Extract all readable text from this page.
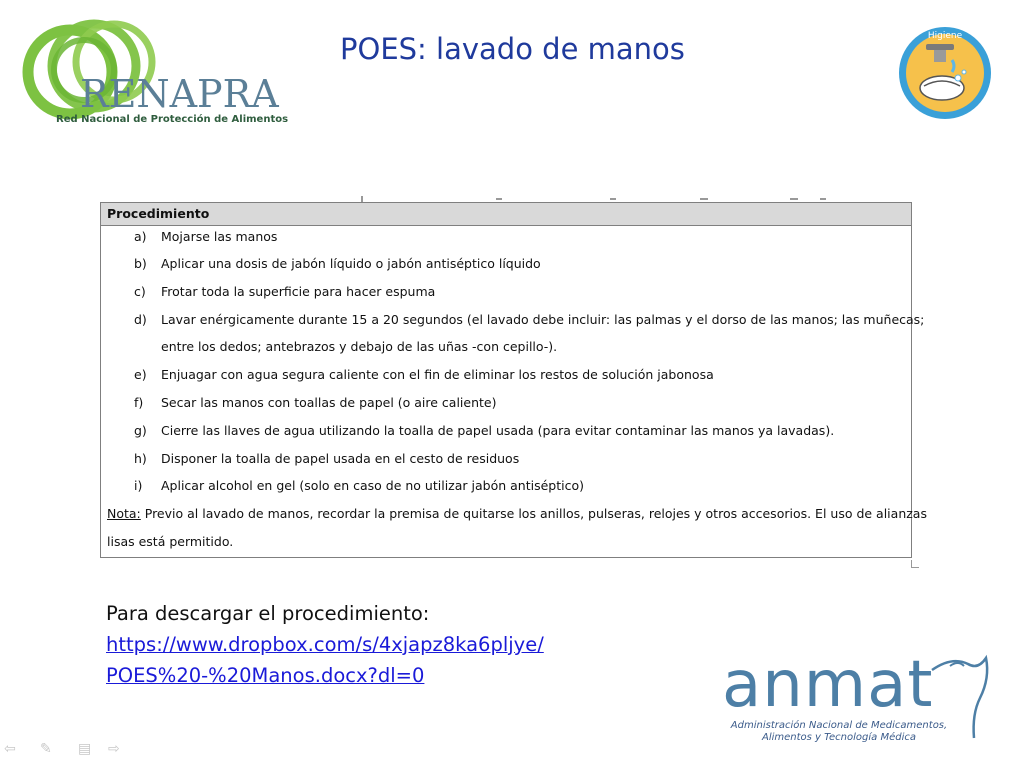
RENAPRA
Red Nacional de Protección de Alimentos
POES: lavado de manos	Higiene
Procedimiento
a) Mojarse las manos
b) Aplicar una dosis de jabón líquido o jabón antiséptico líquido
c) Frotar toda la superficie para hacer espuma
d) Lavar enérgicamente durante 15 a 20 segundos (el lavado debe incluir: las palmas y el dorso de las manos; las muñecas;
entre los dedos; antebrazos y debajo de las uñas -con cepillo-).
e) Enjuagar con agua segura caliente con el fin de eliminar los restos de solución jabonosa
f) Secar las manos con toallas de papel (o aire caliente)
g) Cierre las llaves de agua utilizando la toalla de papel usada (para evitar contaminar las manos ya lavadas).
h) Disponer la toalla de papel usada en el cesto de residuos
i) Aplicar alcohol en gel (solo en caso de no utilizar jabón antiséptico)
Nota: Previo al lavado de manos, recordar la premisa de quitarse los anillos, pulseras, relojes y otros accesorios. El uso de alianzas
lisas está permitido.
Para descargar el procedimiento:
https://www.dropbox.com/s/4xjapz8ka6pljye/
POES%20-%20Manos.docx?dl=0	anmat
Administración Nacional de Medicamentos,
Alimentos y Tecnología Médica
⇦ ✎ ▤ ⇨
